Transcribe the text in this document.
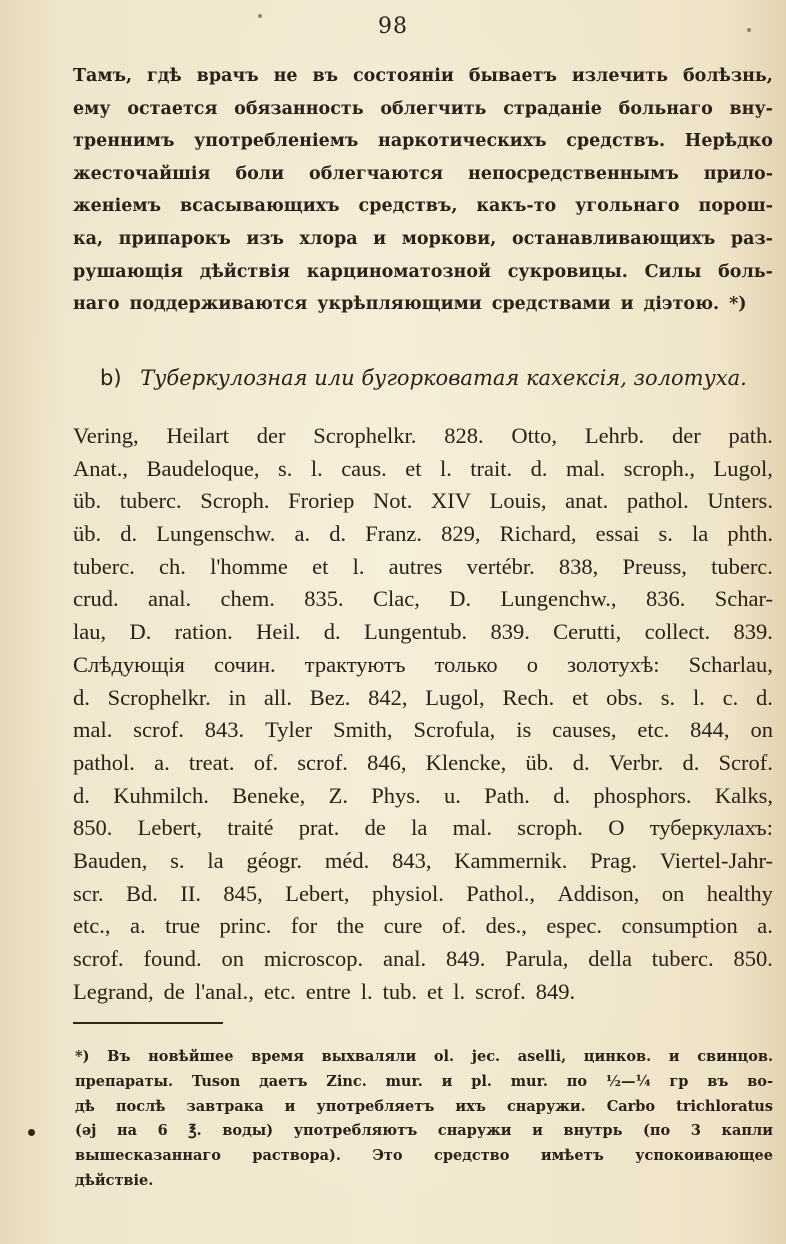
98
Тамъ, гдѣ врачъ не въ состояніи бываетъ излечить болѣзнь,
ему остается обязанность облегчить страданіе больнаго вну-
треннимъ употребленіемъ наркотическихъ средствъ. Нерѣдко
жесточайшія боли облегчаются непосредственнымъ прило-
женіемъ всасывающихъ средствъ, какъ-то угольнаго порош-
ка, припарокъ изъ хлора и моркови, останавливающихъ раз-
рушающія дѣйствія карциноматозной сукровицы. Силы боль-
наго поддерживаются укрѣпляющими средствами и діэтою. *)
b) Туберкулозная или бугорковатая кахексія, золотуха.
Vering, Heilart der Scrophelkr. 828. Otto, Lehrb. der path.
Anat., Baudeloque, s. l. caus. et l. trait. d. mal. scroph., Lugol,
üb. tuberc. Scroph. Froriep Not. XIV Louis, anat. pathol. Unters.
üb. d. Lungenschw. a. d. Franz. 829, Richard, essai s. la phth.
tuberc. ch. l'homme et l. autres vertébr. 838, Preuss, tuberc.
crud. anal. chem. 835. Clac, D. Lungenchw., 836. Schar-
lau, D. ration. Heil. d. Lungentub. 839. Cerutti, collect. 839.
Слѣдующія сочин. трактуютъ только о золотухѣ: Scharlau,
d. Scrophelkr. in all. Bez. 842, Lugol, Rech. et obs. s. l. c. d.
mal. scrof. 843. Tyler Smith, Scrofula, is causes, etc. 844, on
pathol. a. treat. of. scrof. 846, Klencke, üb. d. Verbr. d. Scrof.
d. Kuhmilch. Beneke, Z. Phys. u. Path. d. phosphors. Kalks,
850. Lebert, traité prat. de la mal. scroph. О туберкулахъ:
Bauden, s. la géogr. méd. 843, Kammernik. Prag. Viertel-Jahr-
scr. Bd. II. 845, Lebert, physiol. Pathol., Addison, on healthy
etc., a. true princ. for the cure of. des., espec. consumption a.
scrof. found. on microscop. anal. 849. Parula, della tuberc. 850.
Legrand, de l'anal., etc. entre l. tub. et l. scrof. 849.
*) Въ новѣйшее время выхваляли ol. jec. aselli, цинков. и свинцов.
препараты. Tuson даетъ Zinc. mur. и pl. mur. по ½—¼ гр въ во-
дѣ послѣ завтрака и употребляетъ ихъ снаружи. Carbo trichloratus
(əj на 6 ℥. воды) употребляютъ снаружи и внутрь (по 3 капли
вышесказаннаго раствора). Это средство имѣетъ успокоивающее
дѣйствіе.
